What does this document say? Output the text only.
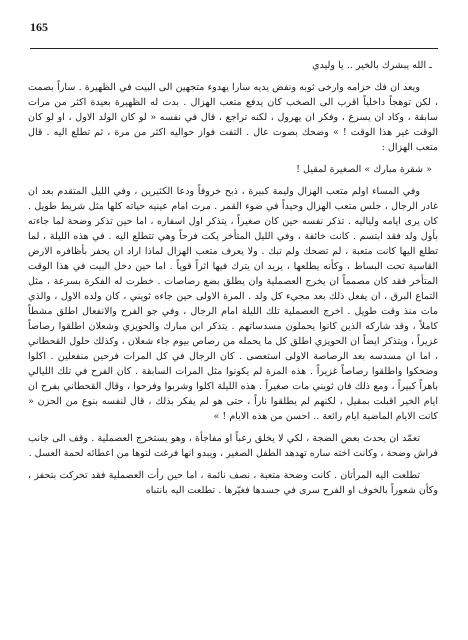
165

ـ الله يبشرك بالخير .. يا وليدي

ويعد ان فك حزامه وارخى ثوبه ونفض يديه سارا يهدوء متجهين الى البيت في الظهيرة . ساراً بصمت ، لكن توهجاً داخلياً اقرب الى الصخب كان يدفع متعب الهزال . بدت له الظهيرة بعيدة اكثر من مرات سابقة ، وكاد ان يسرع ، وفكر ان يهرول ، لكنه تراجع ، قال في نفسه « لو كان الولد الاول ، او لو كان الوقت غير هذا الوقت ! » وضحك بصوت عال . التفت فواز حواليه اكثر من مرة ، ثم تطلع اليه . قال متعب الهزال :

« شقرة مبارك » الصغيرة لمقيل !

وفي المساء اولم متعب الهزال وليمة كبيرة ، ذبح خروفاً ودعا الكثيرين ، وفي الليل المتقدم بعد ان غادر الرجال ، جلس متعب الهزال وحيداً في ضوء القمر . مرت امام عينيه حياته كلها مثل شريط طويل . كان يرى ايامه ولياليه . تذكر نفسه حين كان صغيراً ، يتذكر اول اسفاره ، اما حين تذكر وضحة لما جاءته بأول ولد فقد ابتسم . كانت خائفة ، وفي الليل المتأخر يكت فرحاً وهي تتطلع اليه . في هذه الليلة ، لما تطلع اليها كانت متعبة ، لم تضحك ولم تبك . ولا يعرف متعب الهزال لماذا اراد ان يحفر بأظافره الارض القاسية تحت البساط ، وكأنه يطلعها ، يريد ان يترك فيها اثراً قوياً . اما حين دخل البيت في هذا الوقت المتأخر فقد كان مصمماً ان يخرج العصملية وان يطلق بضع رصاصات . خطرت له الفكرة بسرعة ، مثل التماع البرق ، ان يفعل ذلك بعد مجيء كل ولد . المرة الاولى حين جاءه ثويني ، كان ولده الاول ، والذي مات منذ وقت طويل . اخرج العصملية تلك الليلة امام الرجال ، وفي جو الفرح والانفعال اطلق مشطاً كاملاً ، وقد شاركه الذين كانوا يحملون مسدساتهم . يتذكر ابن مبارك والحويزي وشعلان اطلقوا رصاصاً غزيراً ، ويتذكر ايضاً ان الحويزي اطلق كل ما يحمله من رصاص بيوم جاء شعلان ، وكذلك حلول القحطاني ، اما ان مسدسه بعد الرصاصة الاولى استعصى . كان الرجال في كل المرات فرحين منفعلين . اكلوا وضحكوا واطلقوا رصاصاً غزيراً . هذه المرة لم يكونوا مثل المرات السابقة . كان الفرح في تلك الليالي باهراً كبيراً ، ومع ذلك فان ثويني مات صغيراً . هذه الليلة اكلوا وشربوا وفرحوا ، وقال القحطاني بفرح ان ايام الخير اقبلت بمقيل ، لكنهم لم يطلقوا ناراً ، حتى هو لم يفكر بذلك ، قال لنفسه بنوع من الحزن « كانت الايام الماضية ايام رائعة .. احسن من هذه الايام ! »

تعمّد ان يحدث بعض الضجة ، لكي لا يخلق رعباً او مفاجأة ، وهو يستخرج العصملية . وقف الى جانب فراش وضحة ، وكانت اخته ساره تهدهد الطفل الصغير ، ويبدو انها فرغت لتوها من اعطائه لحمة العسل .

تطلعت اليه المرأتان . كانت وضحة متعبة ، نصف نائمة ، اما حين رأت العصملية فقد تحركت بتحفز ، وكأن شعوراً بالخوف او الفرح سرى في جسدها فغيّرها . تطلعت اليه بانتباه
